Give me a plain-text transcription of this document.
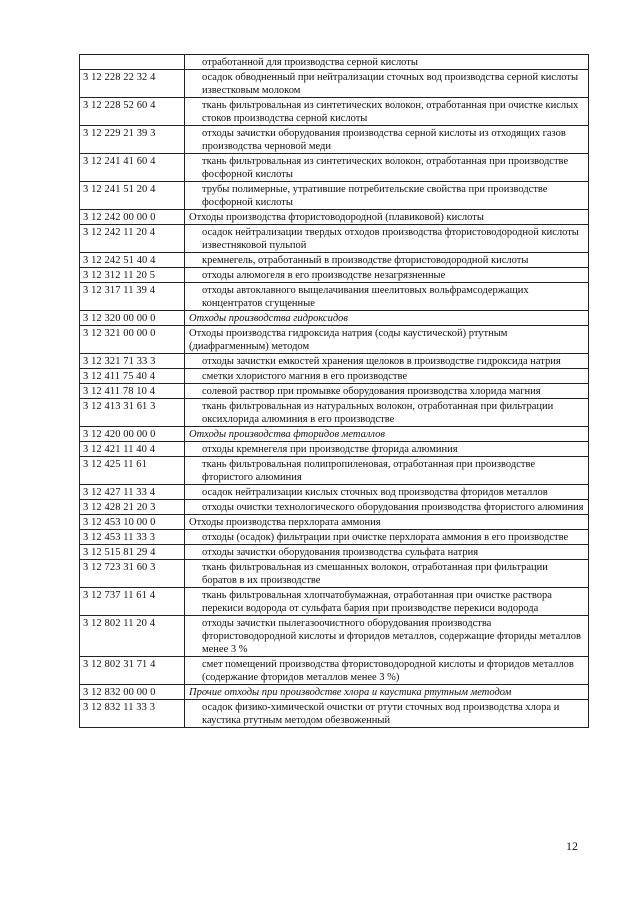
	отработанной для производства серной кислоты
3 12 228 22 32 4	осадок обводненный при нейтрализации сточных вод производства серной кислоты известковым молоком
3 12 228 52 60 4	ткань фильтровальная из синтетических волокон, отработанная при очистке кислых стоков производства серной кислоты
3 12 229 21 39 3	отходы зачистки оборудования производства серной кислоты из отходящих газов производства черновой меди
3 12 241 41 60 4	ткань фильтровальная из синтетических волокон, отработанная при производстве фосфорной кислоты
3 12 241 51 20 4	трубы полимерные, утратившие потребительские свойства при производстве фосфорной кислоты
3 12 242 00 00 0	Отходы производства фтористоводородной (плавиковой) кислоты
3 12 242 11 20 4	осадок нейтрализации твердых отходов производства фтористоводородной кислоты известняковой пульпой
3 12 242 51 40 4	кремнегель, отработанный в производстве фтористоводородной кислоты
3 12 312 11 20 5	отходы алюмогеля в его производстве незагрязненные
3 12 317 11 39 4	отходы автоклавного выщелачивания шеелитовых вольфрамсодержащих концентратов сгущенные
3 12 320 00 00 0	Отходы производства гидроксидов
3 12 321 00 00 0	Отходы производства гидроксида натрия (соды каустической) ртутным (диафрагменным) методом
3 12 321 71 33 3	отходы зачистки емкостей хранения щелоков в производстве гидроксида натрия
3 12 411 75 40 4	сметки хлористого магния в его производстве
3 12 411 78 10 4	солевой раствор при промывке оборудования производства хлорида магния
3 12 413 31 61 3	ткань фильтровальная из натуральных волокон, отработанная при фильтрации оксихлорида алюминия в его производстве
3 12 420 00 00 0	Отходы производства фторидов металлов
3 12 421 11 40 4	отходы кремнегеля при производстве фторида алюминия
3 12 425 11 61	ткань фильтровальная полипропиленовая, отработанная при производстве фтористого алюминия
3 12 427 11 33 4	осадок нейтрализации кислых сточных вод производства фторидов металлов
3 12 428 21 20 3	отходы очистки технологического оборудования производства фтористого алюминия
3 12 453 10 00 0	Отходы производства перхлората аммония
3 12 453 11 33 3	отходы (осадок) фильтрации при очистке перхлората аммония в его производстве
3 12 515 81 29 4	отходы зачистки оборудования производства сульфата натрия
3 12 723 31 60 3	ткань фильтровальная из смешанных волокон, отработанная при фильтрации боратов в их производстве
3 12 737 11 61 4	ткань фильтровальная хлопчатобумажная, отработанная при очистке раствора перекиси водорода от сульфата бария при производстве перекиси водорода
3 12 802 11 20 4	отходы зачистки пылегазоочистного оборудования производства фтористоводородной кислоты и фторидов металлов, содержащие фториды металлов менее 3 %
3 12 802 31 71 4	смет помещений производства фтористоводородной кислоты и фторидов металлов (содержание фторидов металлов менее 3 %)
3 12 832 00 00 0	Прочие отходы при производстве хлора и каустика ртутным методом
3 12 832 11 33 3	осадок физико-химической очистки от ртути сточных вод производства хлора и каустика ртутным методом обезвоженный
12
